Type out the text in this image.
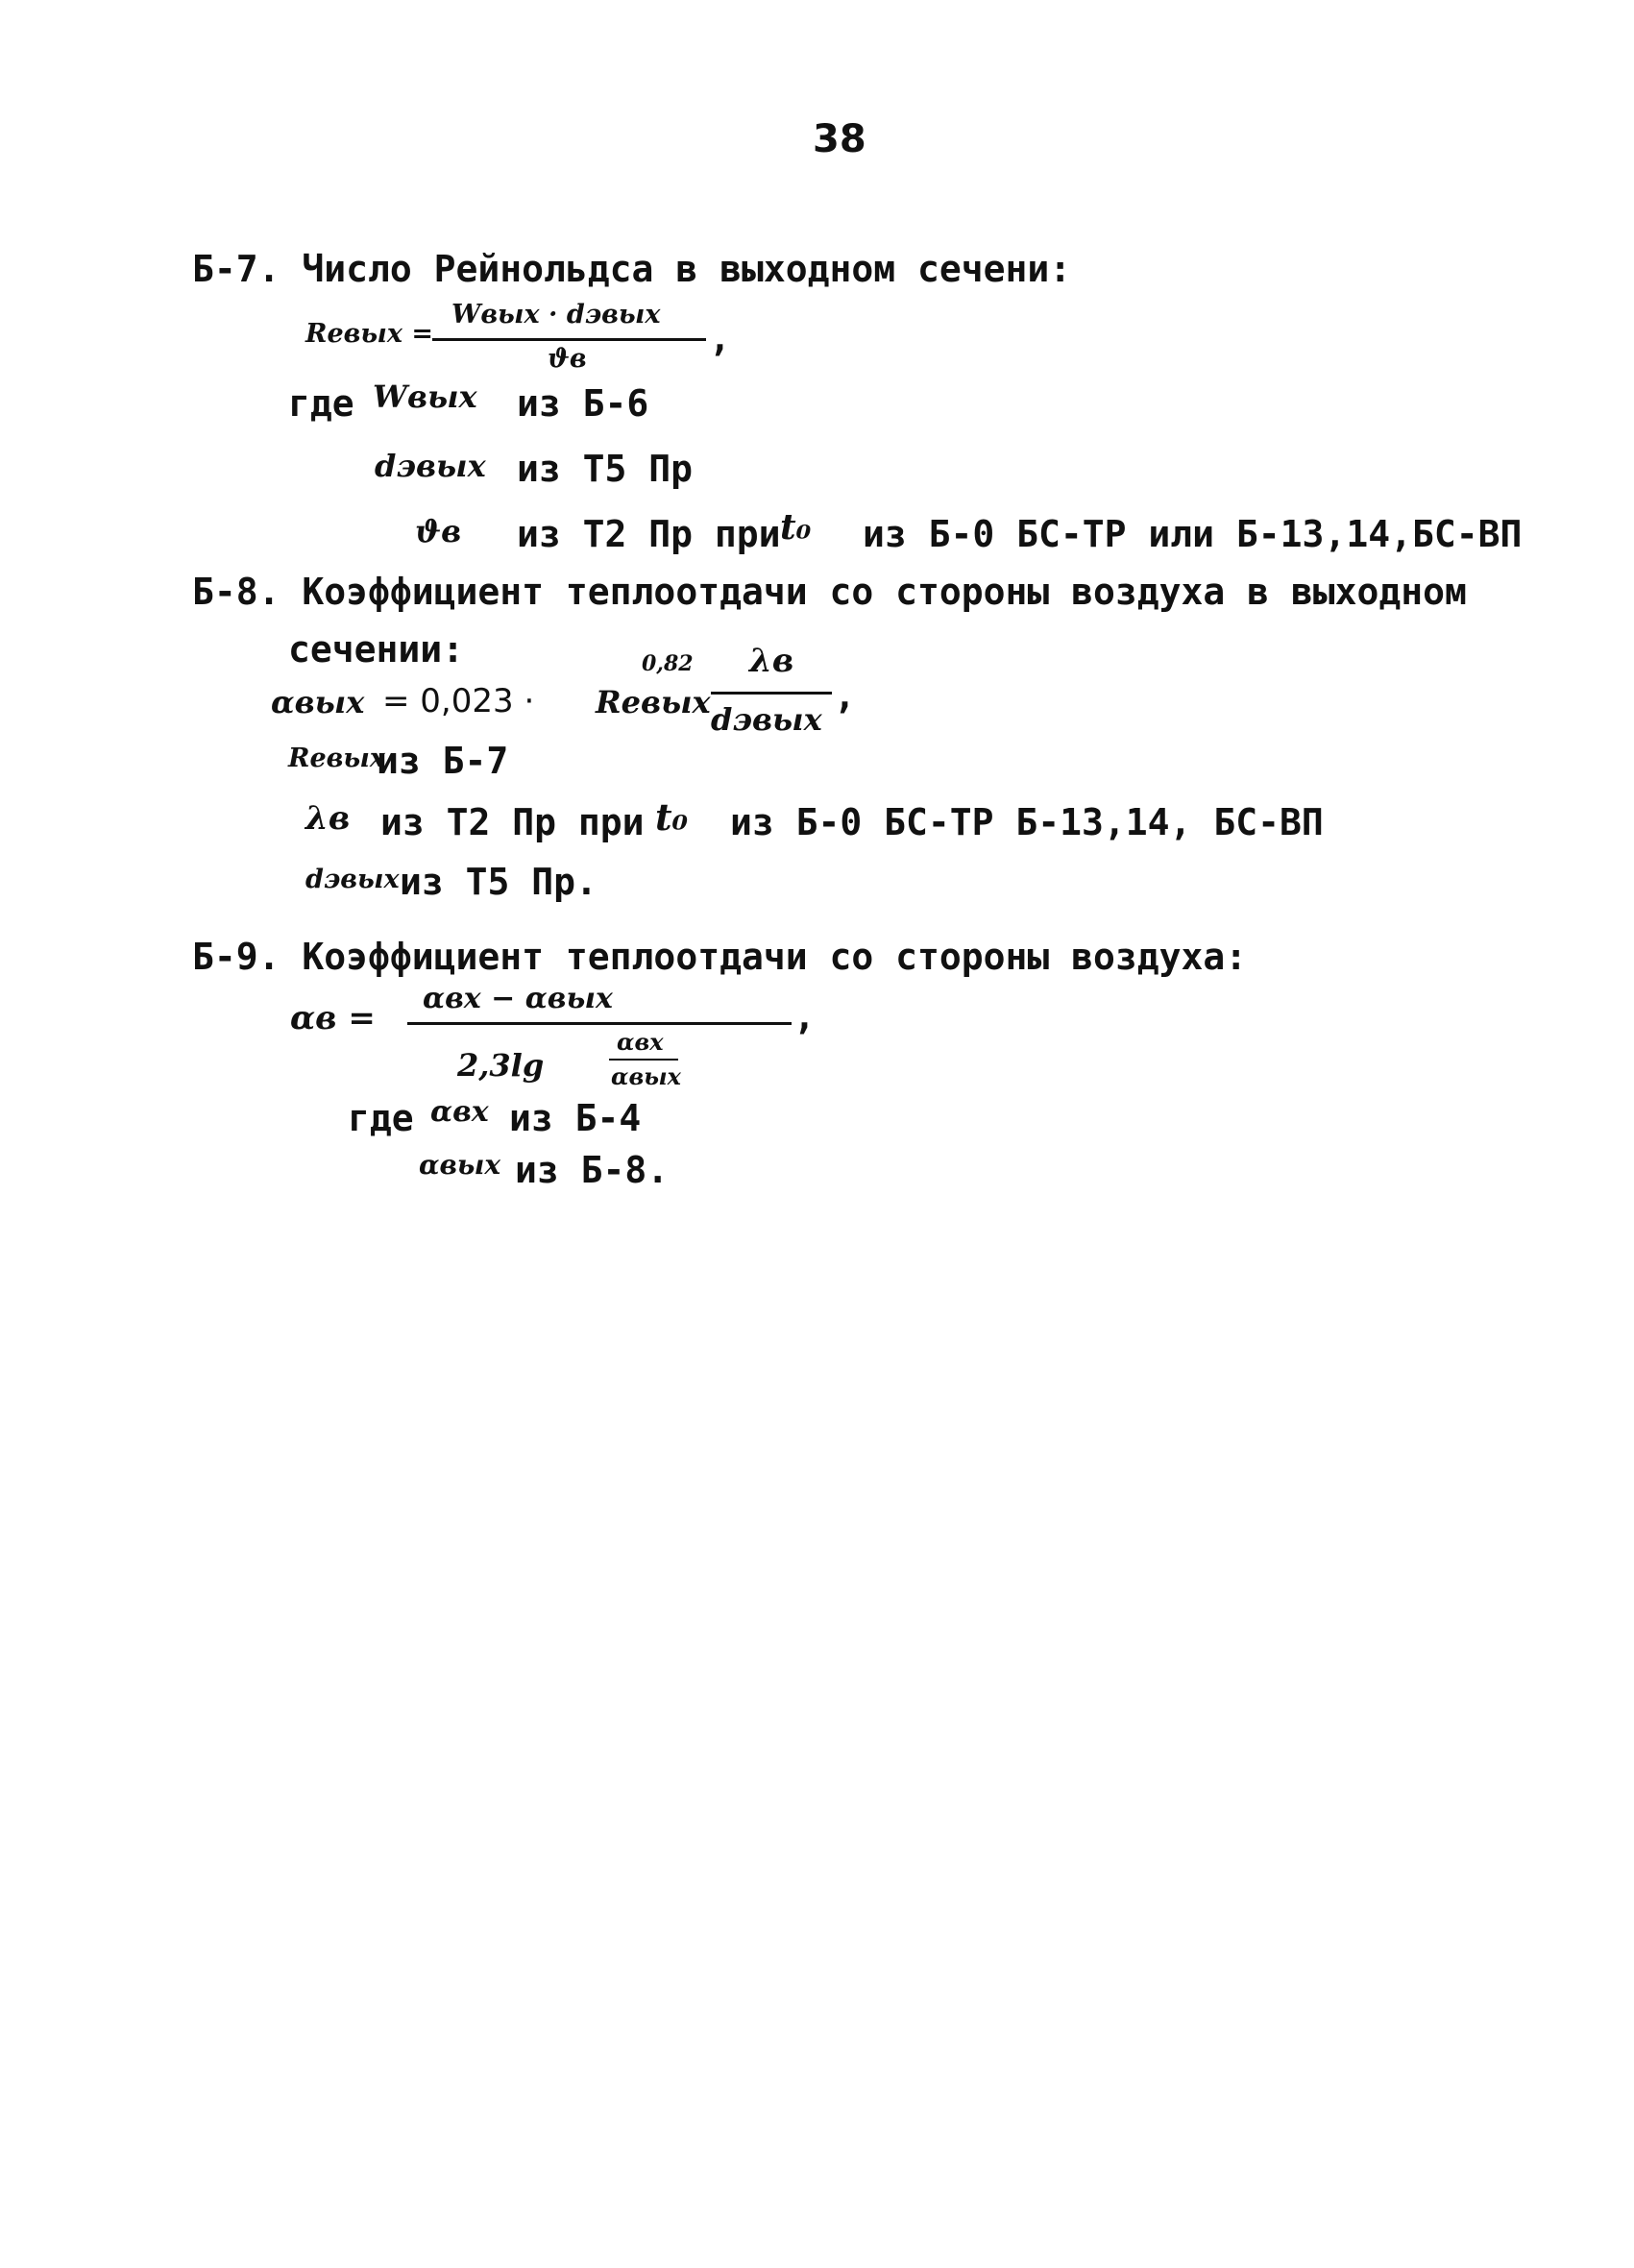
38
Б-7. Число Рейнольдса в выходном сечени:
Reвых =
Wвых · dэвых
ϑв	,
где Wвых из Б-6
dэвых из Т5 Пр
ϑв из Т2 Пр при t₀ из Б-0 БС-ТР или Б-13,14,БС-ВП
Б-8. Коэффициент теплоотдачи со стороны воздуха в выходном
сечении:
αвых = 0,023 · Reвых
0,82 λв
dэвых
,
Reвых
из Б-7
λв из Т2 Пр при t₀ из Б-0 БС-ТР Б-13,14, БС-ВП
dэвых из Т5 Пр.
Б-9. Коэффициент теплоотдачи со стороны воздуха:
αв =
αвх − αвых	,
2,3lg
αвх
αвых
где αвх из Б-4
αвых из Б-8.
